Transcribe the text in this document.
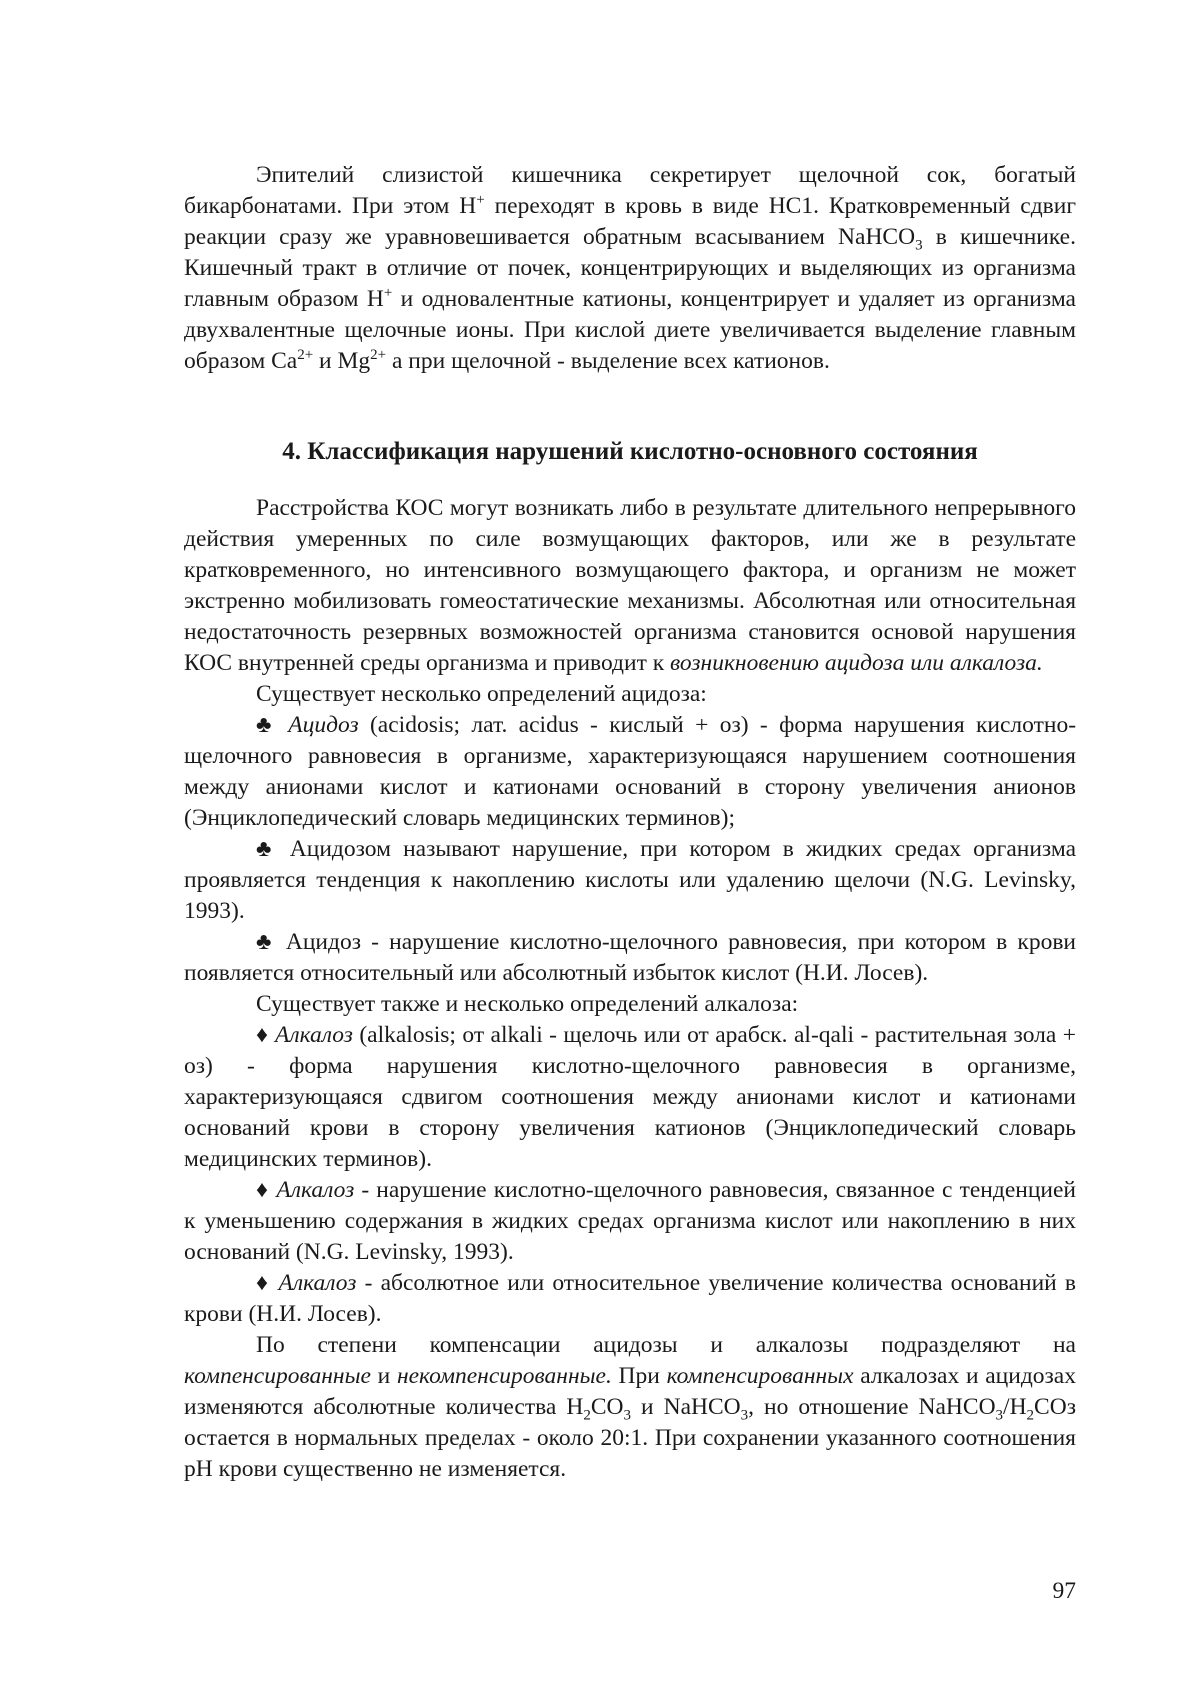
Эпителий слизистой кишечника секретирует щелочной сок, богатый бикарбонатами. При этом H+ переходят в кровь в виде HC1. Кратковременный сдвиг реакции сразу же уравновешивается обратным всасыванием NaHCO$_3$ в кишечнике. Кишечный тракт в отличие от почек, концентрирующих и выделяющих из организма главным образом H+ и одновалентные катионы, концентрирует и удаляет из организма двухвалентные щелочные ионы. При кислой диете увеличивается выделение главным образом $Ca^{2+}$ и $Mg^{2+}$ а при щелочной - выделение всех катионов.

4. Классификация нарушений кислотно-основного состояния

Расстройства КОС могут возникать либо в результате длительного непрерывного действия умеренных по силе возмущающих факторов, или же в результате кратковременного, но интенсивного возмущающего фактора, и организм не может экстренно мобилизовать гомеостатические механизмы. Абсолютная или относительная недостаточность резервных возможностей организма становится основой нарушения КОС внутренней среды организма и приводит к возникновению ацидоза или алкалоза.

Существует несколько определений ацидоза:

♣ Ацидоз (acidosis; лат. acidus - кислый + оз) - форма нарушения кислотно-щелочного равновесия в организме, характеризующаяся нарушением соотношения между анионами кислот и катионами оснований в сторону увеличения анионов (Энциклопедический словарь медицинских терминов);

♣ Ацидозом называют нарушение, при котором в жидких средах организма проявляется тенденция к накоплению кислоты или удалению щелочи (N.G. Levinsky, 1993).

♣ Ацидоз - нарушение кислотно-щелочного равновесия, при котором в крови появляется относительный или абсолютный избыток кислот (Н.И. Лосев).

Существует также и несколько определений алкалоза:

♦ Алкалоз (alkalosis; от alkali - щелочь или от арабск. al-qali - растительная зола + оз) - форма нарушения кислотно-щелочного равновесия в организме, характеризующаяся сдвигом соотношения между анионами кислот и катионами оснований крови в сторону увеличения катионов (Энциклопедический словарь медицинских терминов).

♦ Алкалоз - нарушение кислотно-щелочного равновесия, связанное с тенденцией к уменьшению содержания в жидких средах организма кислот или накоплению в них оснований (N.G. Levinsky, 1993).

♦ Алкалоз - абсолютное или относительное увеличение количества оснований в крови (Н.И. Лосев).

По степени компенсации ацидозы и алкалозы подразделяют на компенсированные и некомпенсированные. При компенсированных алкалозах и ацидозах изменяются абсолютные количества $H_2CO_3$ и NaHCO$_3$, но отношение $NaHCO_3/H_2COз$ остается в нормальных пределах - около 20:1. При сохранении указанного соотношения pH крови существенно не изменяется.

97
